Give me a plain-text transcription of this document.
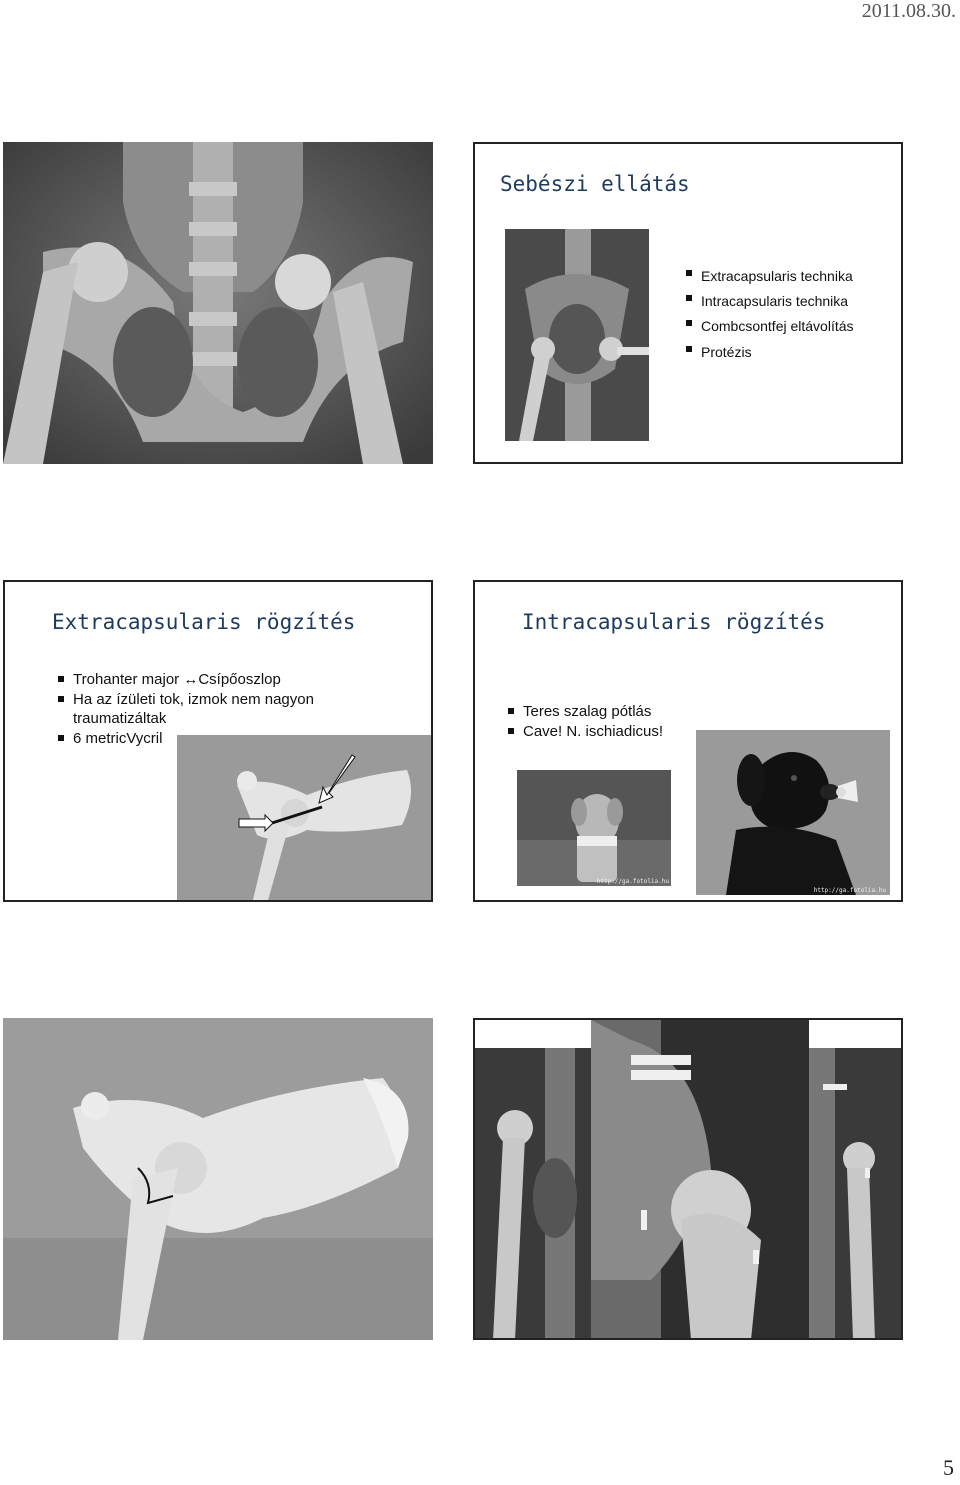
2011.08.30.
Sebészi ellátás
Extracapsularis technika
Intracapsularis technika
Combcsontfej eltávolítás
Protézis
Extracapsularis rögzítés
Trohanter major ↔Csípőoszlop
Ha az ízületi tok, izmok nem nagyon traumatizáltak
6 metricVycril
Intracapsularis rögzítés
Teres szalag pótlás
Cave! N. ischiadicus!
http://ga.fotolia.hu
http://ga.fotolia.hu
5
